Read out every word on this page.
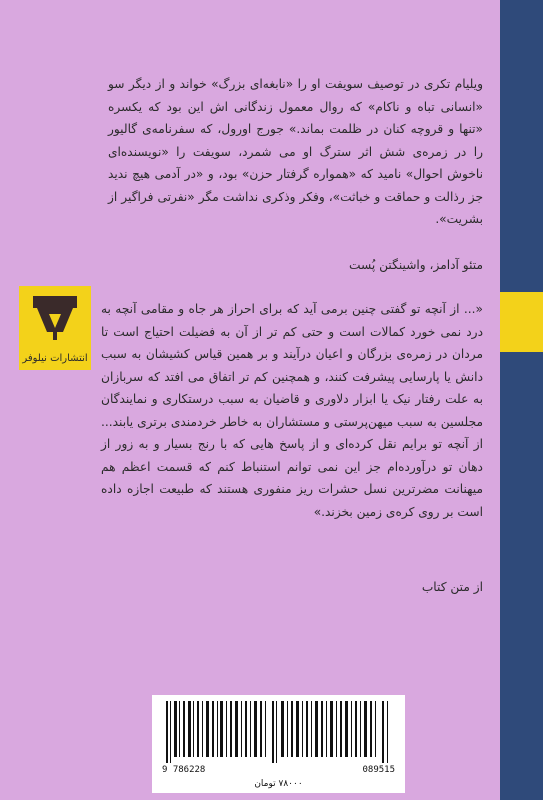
انتشارات نیلوفر
ویلیام تکری در توصیف سویفت او را «نابغه‌ای بزرگ» خواند و از دیگر سو «انسانی تباه و ناکام» که روال معمول زندگانی اش این بود که یکسره «تنها و قروچه کنان در ظلمت بماند.» جورج اورول، که سفرنامه‌ی گالیور را در زمره‌ی شش اثر سترگ او می شمرد، سویفت را «نویسنده‌ای ناخوش احوال» نامید که «همواره گرفتار حزن» بود، و «در آدمی هیچ ندید جز رذالت و حماقت و خباثت»، وفکر وذکری نداشت مگر «نفرتی فراگیر از بشریت».
متئو آدامز، واشینگتن پُست
«... از آنچه تو گفتی چنین برمی آید که برای احراز هر جاه و مقامی آنچه به درد نمی خورد کمالات است و حتی کم تر از آن به فضیلت احتیاج است تا مردان در زمره‌ی بزرگان و اعیان درآیند و بر همین قیاس کشیشان به سبب دانش یا پارسایی پیشرفت کنند، و همچنین کم تر اتفاق می افتد که سربازان به علت رفتار نیک یا ابزار دلاوری و قاضیان به سبب درستکاری و نمایندگان مجلسین به سبب میهن‌پرستی و مستشاران به خاطر خردمندی برتری یابند... از آنچه تو برایم نقل کرده‌ای و از پاسخ هایی که با رنج بسیار و به زور از دهان تو درآورده‌ام جز این نمی توانم استنباط کنم که قسمت اعظم هم میهنانت مضرترین نسل حشرات ریز منفوری هستند که طبیعت اجازه داده است بر روی کره‌ی زمین بخزند.»
از متن کتاب
9 786228	089515
۷۸۰۰۰ تومان
